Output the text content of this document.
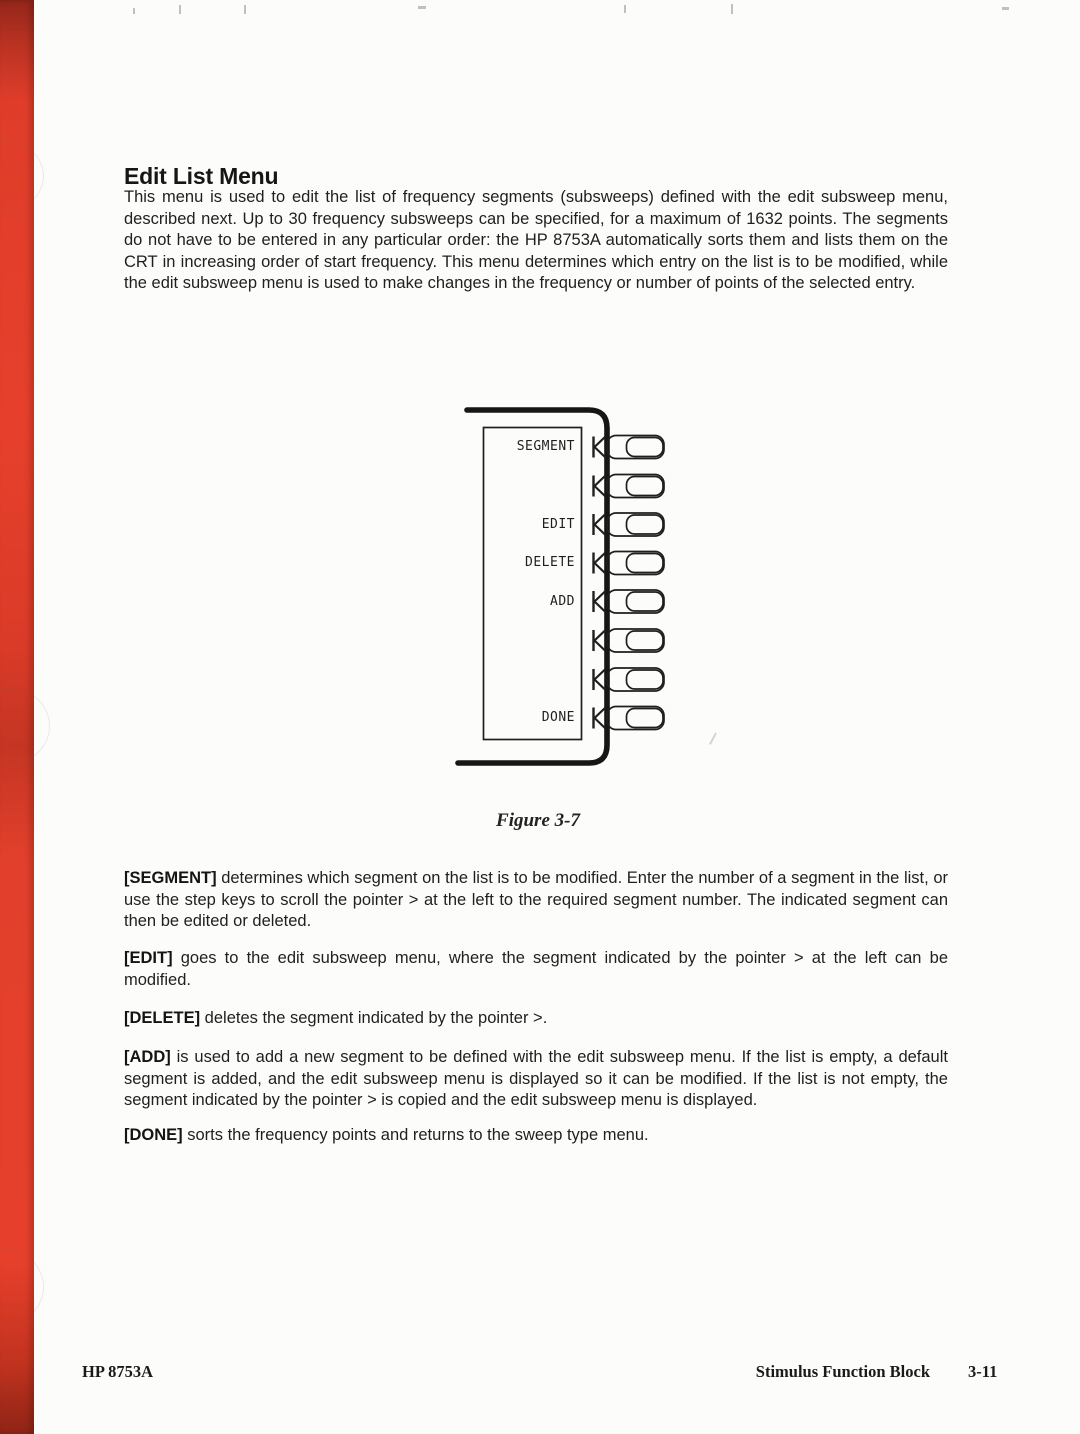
Edit List Menu

This menu is used to edit the list of frequency segments (subsweeps) defined with the edit subsweep menu, described next. Up to 30 frequency subsweeps can be specified, for a maximum of 1632 points. The segments do not have to be entered in any particular order: the HP 8753A automatically sorts them and lists them on the CRT in increasing order of start frequency. This menu determines which entry on the list is to be modified, while the edit subsweep menu is used to make changes in the frequency or number of points of the selected entry.

SEGMENT
EDIT
DELETE
ADD
DONE
Figure 3-7

[SEGMENT] determines which segment on the list is to be modified. Enter the number of a segment in the list, or use the step keys to scroll the pointer > at the left to the required segment number. The indicated segment can then be edited or deleted.

[EDIT] goes to the edit subsweep menu, where the segment indicated by the pointer > at the left can be modified.

[DELETE] deletes the segment indicated by the pointer >.

[ADD] is used to add a new segment to be defined with the edit subsweep menu. If the list is empty, a default segment is added, and the edit subsweep menu is displayed so it can be modified. If the list is not empty, the segment indicated by the pointer > is copied and the edit subsweep menu is displayed.

[DONE] sorts the frequency points and returns to the sweep type menu.

HP 8753A	Stimulus Function Block 3-11
